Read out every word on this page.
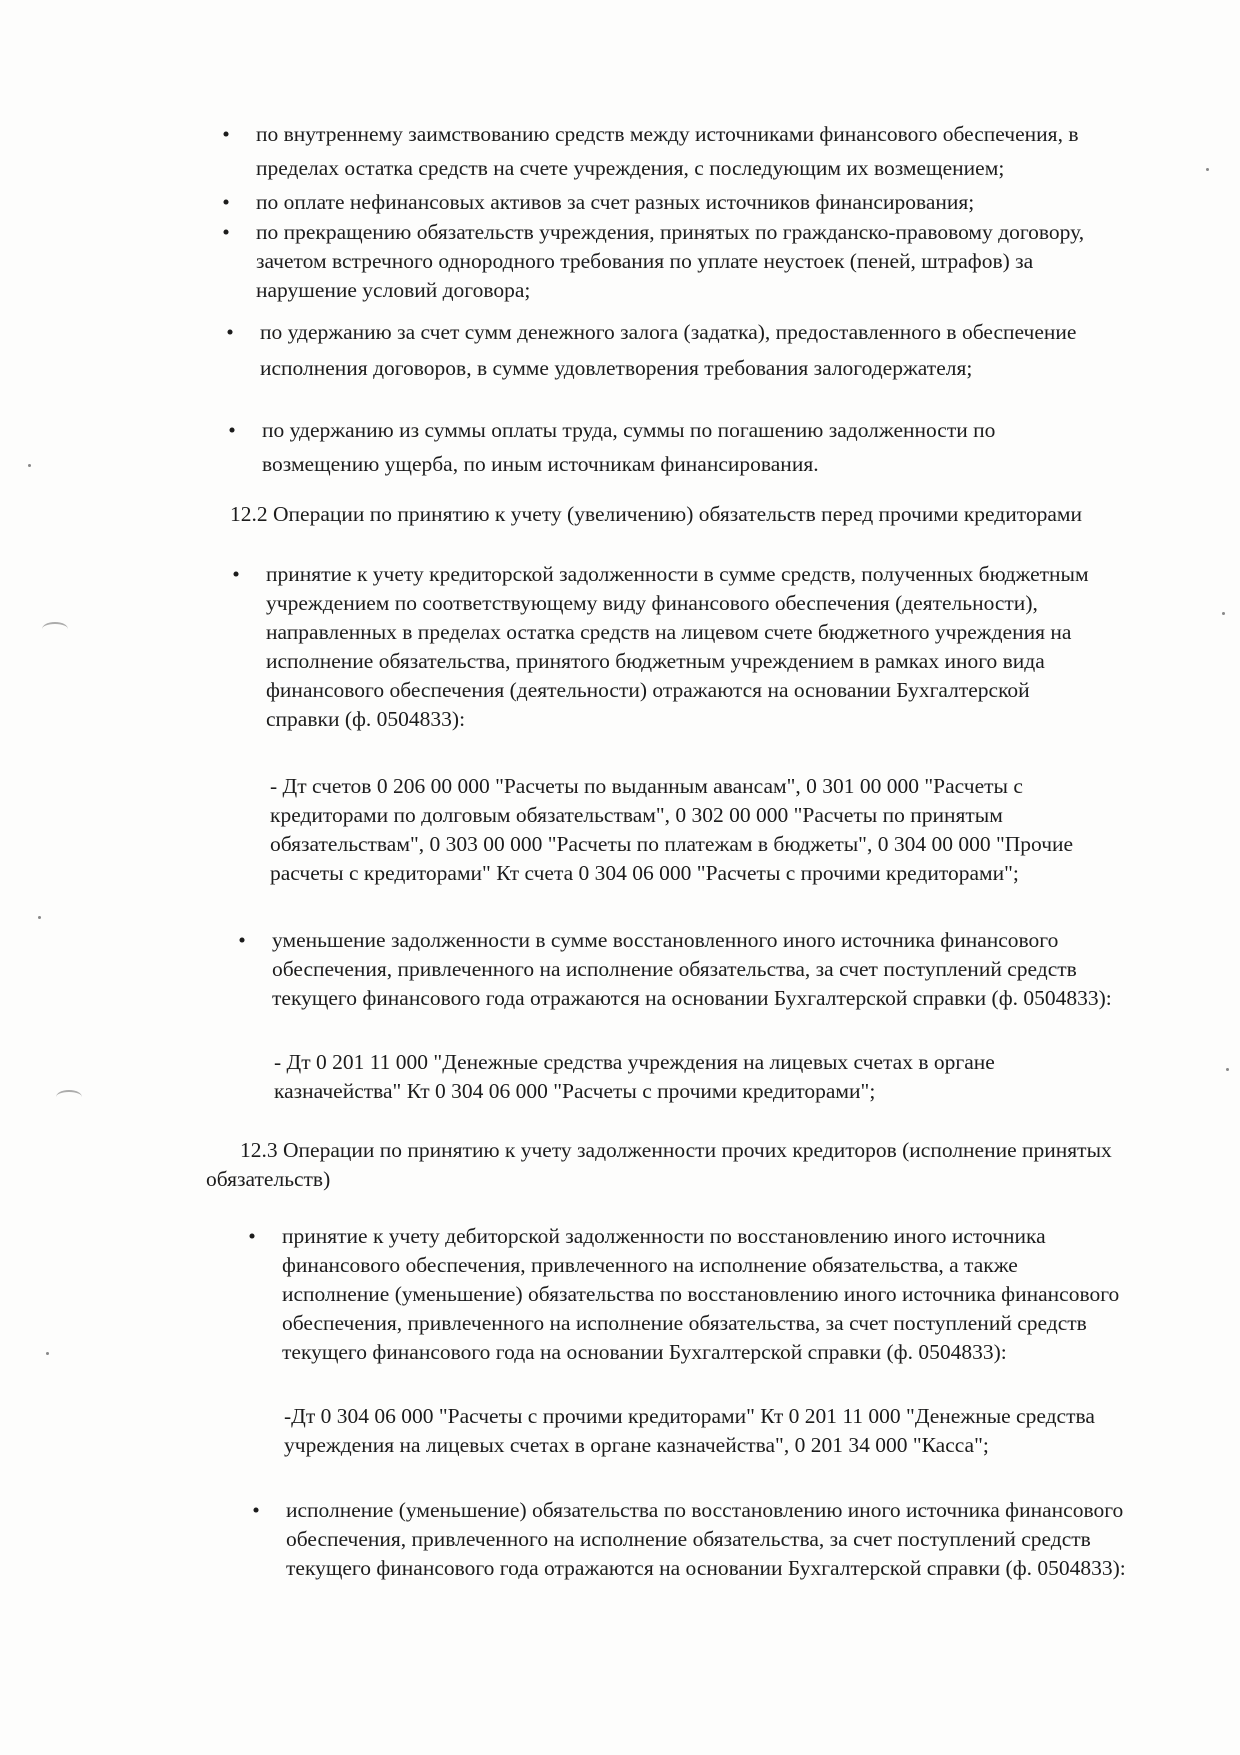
• по внутреннему заимствованию средств между источниками финансового обеспечения, в
пределах остатка средств на счете учреждения, с последующим их возмещением;
• по оплате нефинансовых активов за счет разных источников финансирования;
• по прекращению обязательств учреждения, принятых по гражданско-правовому договору,
зачетом встречного однородного требования по уплате неустоек (пеней, штрафов) за
нарушение условий договора;
• по удержанию за счет сумм денежного залога (задатка), предоставленного в обеспечение
исполнения договоров, в сумме удовлетворения требования залогодержателя;
• по удержанию из суммы оплаты труда, суммы по погашению задолженности по
возмещению ущерба, по иным источникам финансирования.
12.2 Операции по принятию к учету (увеличению) обязательств перед прочими кредиторами
• принятие к учету кредиторской задолженности в сумме средств, полученных бюджетным
учреждением по соответствующему виду финансового обеспечения (деятельности),
направленных в пределах остатка средств на лицевом счете бюджетного учреждения на
исполнение обязательства, принятого бюджетным учреждением в рамках иного вида
финансового обеспечения (деятельности) отражаются на основании Бухгалтерской
справки (ф. 0504833):
- Дт счетов 0 206 00 000 "Расчеты по выданным авансам", 0 301 00 000 "Расчеты с
кредиторами по долговым обязательствам", 0 302 00 000 "Расчеты по принятым
обязательствам", 0 303 00 000 "Расчеты по платежам в бюджеты", 0 304 00 000 "Прочие
расчеты с кредиторами" Кт счета 0 304 06 000 "Расчеты с прочими кредиторами";
• уменьшение задолженности в сумме восстановленного иного источника финансового
обеспечения, привлеченного на исполнение обязательства, за счет поступлений средств
текущего финансового года отражаются на основании Бухгалтерской справки (ф. 0504833):
- Дт 0 201 11 000 "Денежные средства учреждения на лицевых счетах в органе
казначейства" Кт 0 304 06 000 "Расчеты с прочими кредиторами";
12.3 Операции по принятию к учету задолженности прочих кредиторов (исполнение принятых
обязательств)
• принятие к учету дебиторской задолженности по восстановлению иного источника
финансового обеспечения, привлеченного на исполнение обязательства, а также
исполнение (уменьшение) обязательства по восстановлению иного источника финансового
обеспечения, привлеченного на исполнение обязательства, за счет поступлений средств
текущего финансового года на основании Бухгалтерской справки (ф. 0504833):
-Дт 0 304 06 000 "Расчеты с прочими кредиторами" Кт 0 201 11 000 "Денежные средства
учреждения на лицевых счетах в органе казначейства", 0 201 34 000 "Касса";
• исполнение (уменьшение) обязательства по восстановлению иного источника финансового
обеспечения, привлеченного на исполнение обязательства, за счет поступлений средств
текущего финансового года отражаются на основании Бухгалтерской справки (ф. 0504833):
